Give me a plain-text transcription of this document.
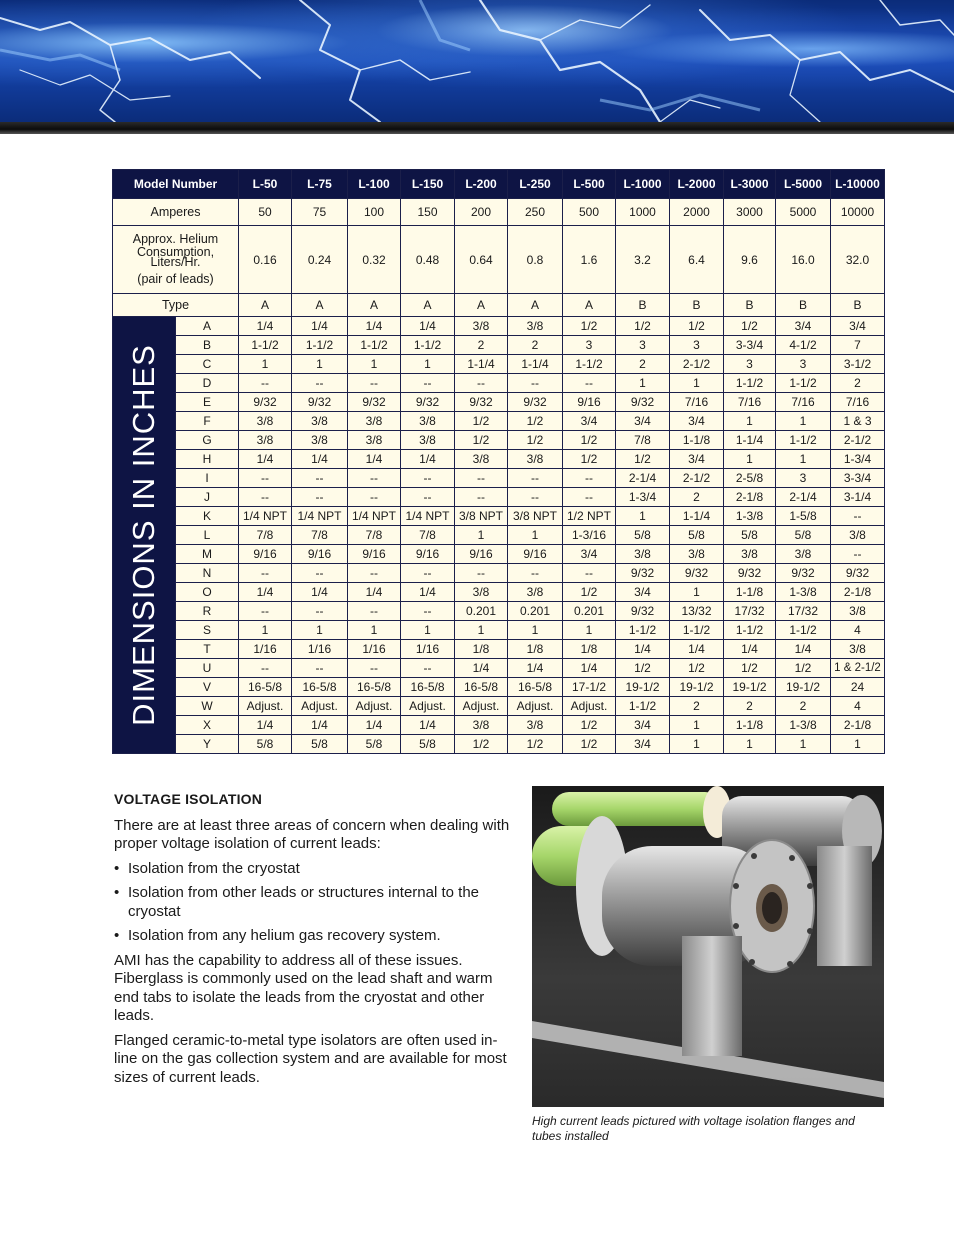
Model Number		L-50	L-75	L-100	L-150	L-200	L-250	L-500	L-1000	L-2000	L-3000	L-5000	L-10000
Amperes		50	75	100	150	200	250	500	1000	2000	3000	5000	10000

Approx. Helium
Consumption,
Liters/Hr.
(pair of leads)		0.16	0.24	0.32	0.48	0.64	0.8	1.6	3.2	6.4	9.6	16.0	32.0
Type		A	A	A	A	A	A	A	B	B	B	B	B

DIMENSIONS IN INCHES	A	1/4	1/4	1/4	1/4	3/8	3/8	1/2	1/2	1/2	1/2	3/4	3/4
	B	1-1/2	1-1/2	1-1/2	1-1/2	2	2	3	3	3	3-3/4	4-1/2	7
	C	1	1	1	1	1-1/4	1-1/4	1-1/2	2	2-1/2	3	3	3-1/2
	D	--	--	--	--	--	--	--	1	1	1-1/2	1-1/2	2
	E	9/32	9/32	9/32	9/32	9/32	9/32	9/16	9/32	7/16	7/16	7/16	7/16
	F	3/8	3/8	3/8	3/8	1/2	1/2	3/4	3/4	3/4	1	1	1 & 3
	G	3/8	3/8	3/8	3/8	1/2	1/2	1/2	7/8	1-1/8	1-1/4	1-1/2	2-1/2
	H	1/4	1/4	1/4	1/4	3/8	3/8	1/2	1/2	3/4	1	1	1-3/4
	I	--	--	--	--	--	--	--	2-1/4	2-1/2	2-5/8	3	3-3/4
	J	--	--	--	--	--	--	--	1-3/4	2	2-1/8	2-1/4	3-1/4
	K	1/4 NPT	1/4 NPT	1/4 NPT	1/4 NPT	3/8 NPT	3/8 NPT	1/2 NPT	1	1-1/4	1-3/8	1-5/8	--
	L	7/8	7/8	7/8	7/8	1	1	1-3/16	5/8	5/8	5/8	5/8	3/8
	M	9/16	9/16	9/16	9/16	9/16	9/16	3/4	3/8	3/8	3/8	3/8	--
	N	--	--	--	--	--	--	--	9/32	9/32	9/32	9/32	9/32
	O	1/4	1/4	1/4	1/4	3/8	3/8	1/2	3/4	1	1-1/8	1-3/8	2-1/8
	R	--	--	--	--	0.201	0.201	0.201	9/32	13/32	17/32	17/32	3/8
	S	1	1	1	1	1	1	1	1-1/2	1-1/2	1-1/2	1-1/2	4
	T	1/16	1/16	1/16	1/16	1/8	1/8	1/8	1/4	1/4	1/4	1/4	3/8
	U	--	--	--	--	1/4	1/4	1/4	1/2	1/2	1/2	1/2	1 & 2-1/2
	V	16-5/8	16-5/8	16-5/8	16-5/8	16-5/8	16-5/8	17-1/2	19-1/2	19-1/2	19-1/2	19-1/2	24
	W	Adjust.	Adjust.	Adjust.	Adjust.	Adjust.	Adjust.	Adjust.	1-1/2	2	2	2	4
	X	1/4	1/4	1/4	1/4	3/8	3/8	1/2	3/4	1	1-1/8	1-3/8	2-1/8
	Y	5/8	5/8	5/8	5/8	1/2	1/2	1/2	3/4	1	1	1	1
VOLTAGE ISOLATION

There are at least three areas of concern when dealing with proper voltage isolation of current leads:

• Isolation from the cryostat
• Isolation from other leads or structures internal to the cryostat
• Isolation from any helium gas recovery system.

AMI has the capability to address all of these issues. Fiberglass is commonly used on the lead shaft and warm end tabs to isolate the leads from the cryostat and other leads.

Flanged ceramic-to-metal type isolators are often used in-line on the gas collection system and are available for most sizes of current leads.

High current leads pictured with voltage isolation flanges and tubes installed
